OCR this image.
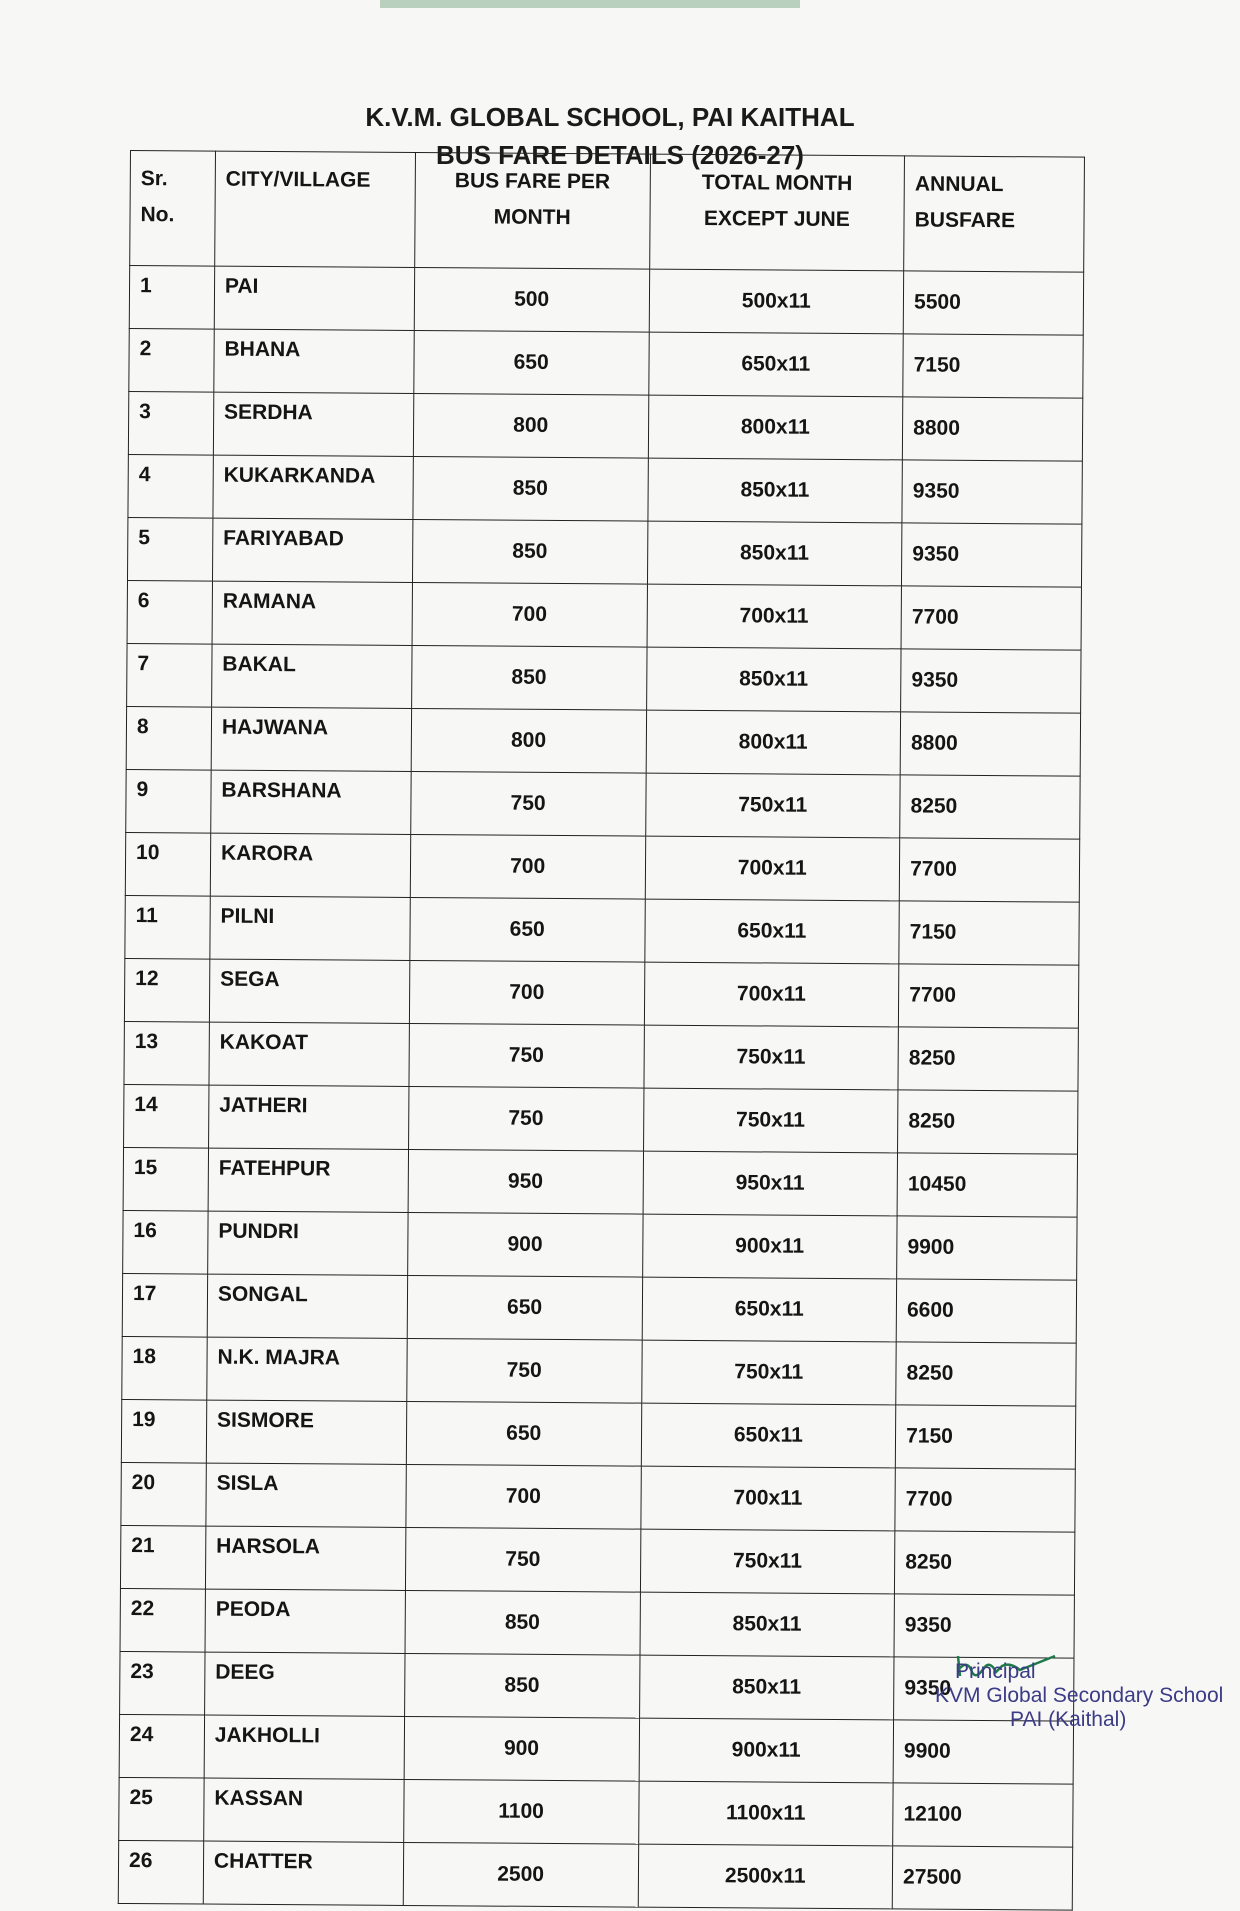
K.V.M. GLOBAL SCHOOL, PAI KAITHAL
BUS FARE DETAILS (2026-27)
Sr. No.	CITY/VILLAGE	BUS FARE PER MONTH	TOTAL MONTH EXCEPT JUNE	ANNUAL BUSFARE
1	PAI	500	500x11	5500
2	BHANA	650	650x11	7150
3	SERDHA	800	800x11	8800
4	KUKARKANDA	850	850x11	9350
5	FARIYABAD	850	850x11	9350
6	RAMANA	700	700x11	7700
7	BAKAL	850	850x11	9350
8	HAJWANA	800	800x11	8800
9	BARSHANA	750	750x11	8250
10	KARORA	700	700x11	7700
11	PILNI	650	650x11	7150
12	SEGA	700	700x11	7700
13	KAKOAT	750	750x11	8250
14	JATHERI	750	750x11	8250
15	FATEHPUR	950	950x11	10450
16	PUNDRI	900	900x11	9900
17	SONGAL	650	650x11	6600
18	N.K. MAJRA	750	750x11	8250
19	SISMORE	650	650x11	7150
20	SISLA	700	700x11	7700
21	HARSOLA	750	750x11	8250
22	PEODA	850	850x11	9350
23	DEEG	850	850x11	9350
24	JAKHOLLI	900	900x11	9900
25	KASSAN	1100	1100x11	12100
26	CHATTER	2500	2500x11	27500
Principal
KVM Global Secondary School
PAI (Kaithal)
